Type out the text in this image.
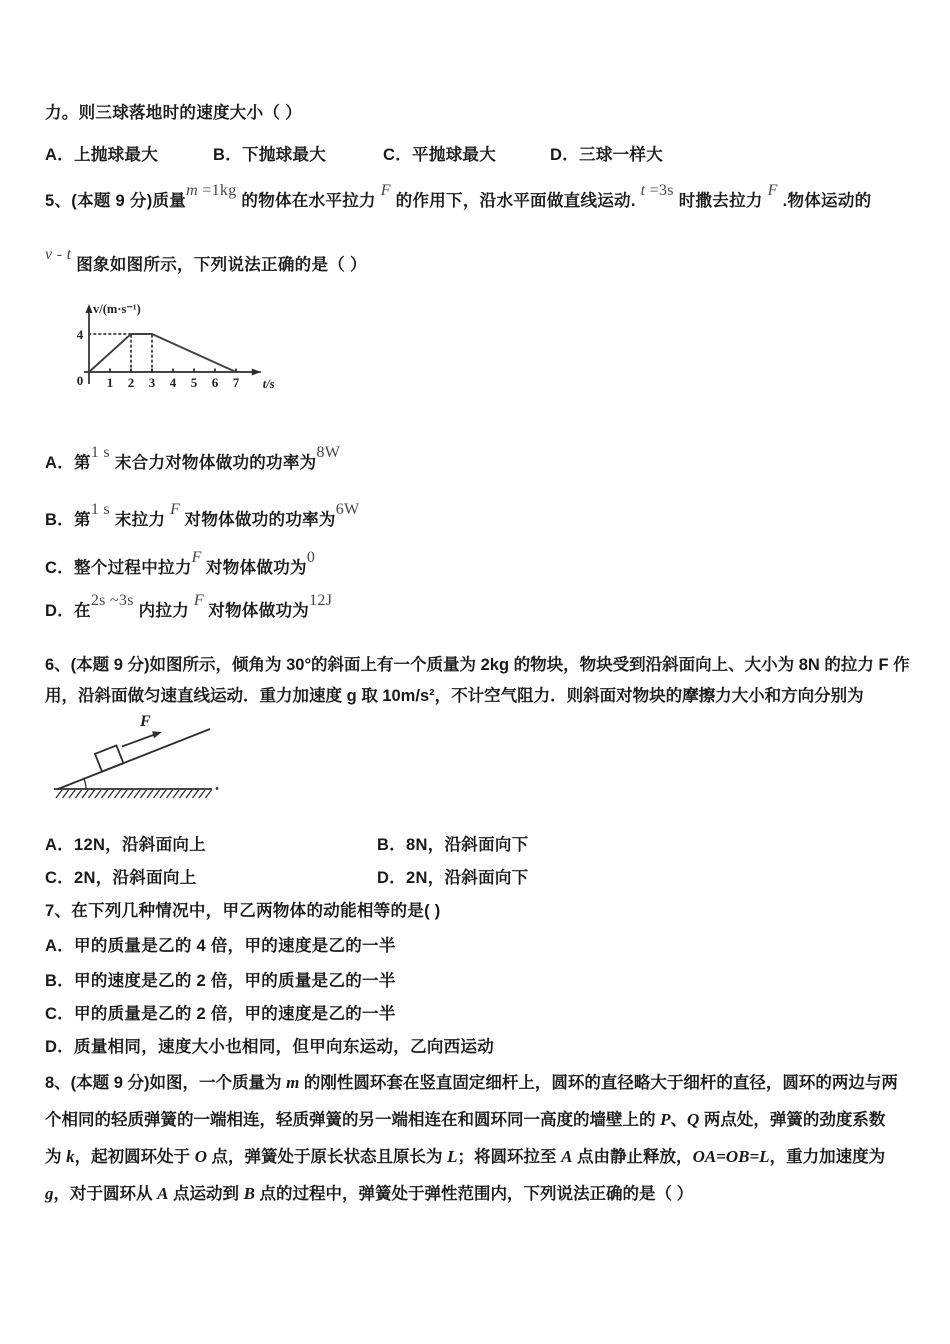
力。则三球落地时的速度大小（ ）
A．上抛球最大	B．下抛球最大	C．平抛球最大	D．三球一样大
5、(本题 9 分)质量m =1kg 的物体在水平拉力 F 的作用下，沿水平面做直线运动. t =3s 时撒去拉力 F .物体运动的
v - t 图象如图所示，下列说法正确的是（ ）
1 2 3 4 5 6 7
4
0
v/(m·s⁻¹)
t/s
A．第1 s 末合力对物体做功的功率为8W
B．第1 s 末拉力 F 对物体做功的功率为6W
C．整个过程中拉力F 对物体做功为0
D．在2s ~3s 内拉力 F 对物体做功为12J
6、(本题 9 分)如图所示，倾角为 30°的斜面上有一个质量为 2kg 的物块，物块受到沿斜面向上、大小为 8N 的拉力 F 作
用，沿斜面做匀速直线运动．重力加速度 g 取 10m/s²，不计空气阻力．则斜面对物块的摩擦力大小和方向分别为
F
A．12N，沿斜面向上	B．8N，沿斜面向下
C．2N，沿斜面向上	D．2N，沿斜面向下
7、在下列几种情况中，甲乙两物体的动能相等的是( )
A．甲的质量是乙的 4 倍，甲的速度是乙的一半
B．甲的速度是乙的 2 倍，甲的质量是乙的一半
C．甲的质量是乙的 2 倍，甲的速度是乙的一半
D．质量相同，速度大小也相同，但甲向东运动，乙向西运动
8、(本题 9 分)如图，一个质量为 m 的刚性圆环套在竖直固定细杆上，圆环的直径略大于细杆的直径，圆环的两边与两
个相同的轻质弹簧的一端相连，轻质弹簧的另一端相连在和圆环同一高度的墙壁上的 P、Q 两点处，弹簧的劲度系数
为 k，起初圆环处于 O 点，弹簧处于原长状态且原长为 L；将圆环拉至 A 点由静止释放，OA=OB=L，重力加速度为
g，对于圆环从 A 点运动到 B 点的过程中，弹簧处于弹性范围内，下列说法正确的是（ ）
